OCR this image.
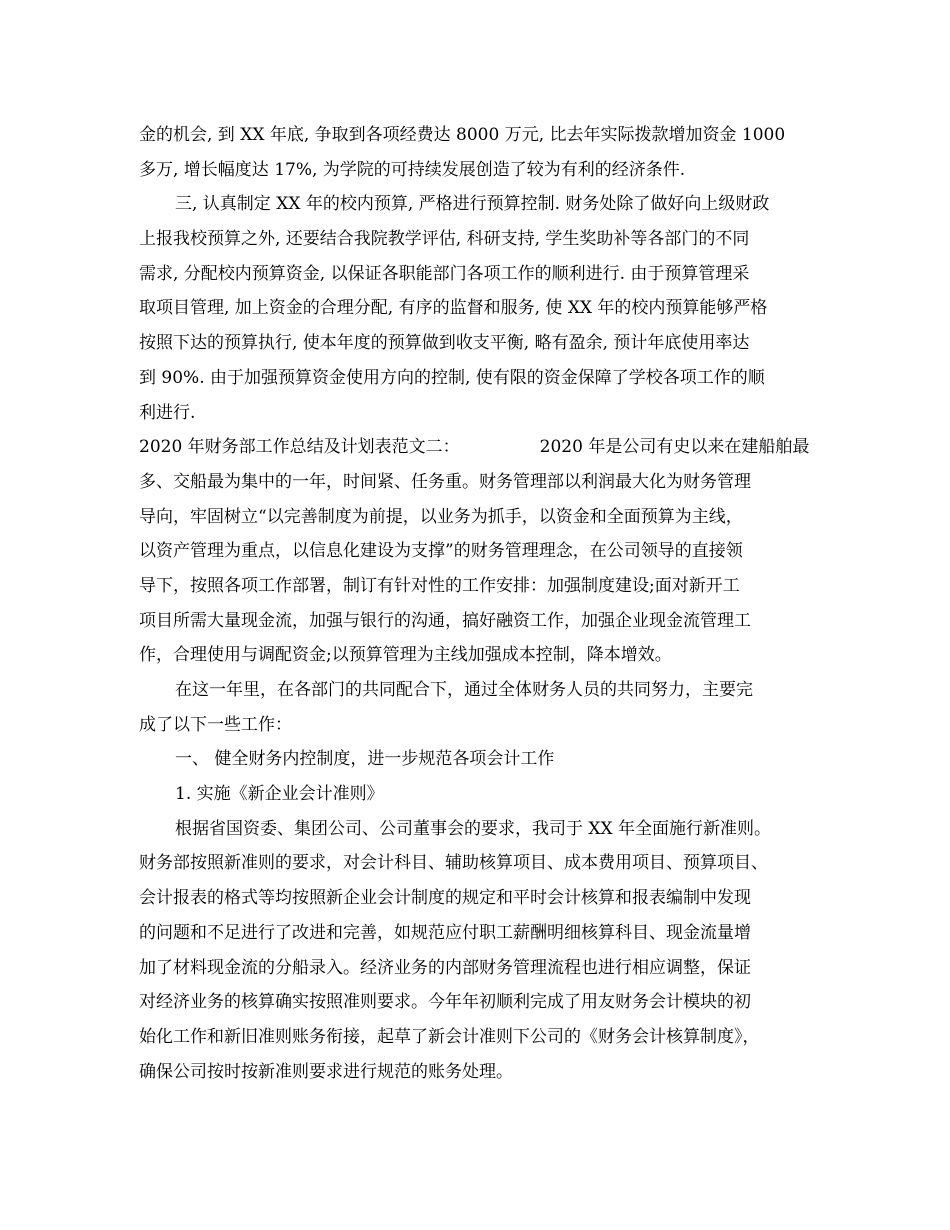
金的机会, 到 XX 年底, 争取到各项经费达 8000 万元, 比去年实际拨款增加资金 1000
多万, 增长幅度达 17%, 为学院的可持续发展创造了较为有利的经济条件.
三, 认真制定 XX 年的校内预算, 严格进行预算控制. 财务处除了做好向上级财政
上报我校预算之外, 还要结合我院教学评估, 科研支持, 学生奖助补等各部门的不同
需求, 分配校内预算资金, 以保证各职能部门各项工作的顺利进行. 由于预算管理采
取项目管理, 加上资金的合理分配, 有序的监督和服务, 使 XX 年的校内预算能够严格
按照下达的预算执行, 使本年度的预算做到收支平衡, 略有盈余, 预计年底使用率达
到 90%. 由于加强预算资金使用方向的控制, 使有限的资金保障了学校各项工作的顺
利进行.
2020 年财务部工作总结及计划表范文二：	2020 年是公司有史以来在建船舶最
多、交船最为集中的一年，时间紧、任务重。财务管理部以利润最大化为财务管理
导向，牢固树立“以完善制度为前提，以业务为抓手，以资金和全面预算为主线，
以资产管理为重点，以信息化建设为支撑”的财务管理理念，在公司领导的直接领
导下，按照各项工作部署，制订有针对性的工作安排：加强制度建设;面对新开工
项目所需大量现金流，加强与银行的沟通，搞好融资工作，加强企业现金流管理工
作，合理使用与调配资金;以预算管理为主线加强成本控制，降本增效。
在这一年里，在各部门的共同配合下，通过全体财务人员的共同努力，主要完
成了以下一些工作：
一、 健全财务内控制度，进一步规范各项会计工作
1. 实施《新企业会计准则》
根据省国资委、集团公司、公司董事会的要求，我司于 XX 年全面施行新准则。
财务部按照新准则的要求，对会计科目、辅助核算项目、成本费用项目、预算项目、
会计报表的格式等均按照新企业会计制度的规定和平时会计核算和报表编制中发现
的问题和不足进行了改进和完善，如规范应付职工薪酬明细核算科目、现金流量增
加了材料现金流的分船录入。经济业务的内部财务管理流程也进行相应调整，保证
对经济业务的核算确实按照准则要求。今年年初顺利完成了用友财务会计模块的初
始化工作和新旧准则账务衔接，起草了新会计准则下公司的《财务会计核算制度》，
确保公司按时按新准则要求进行规范的账务处理。
